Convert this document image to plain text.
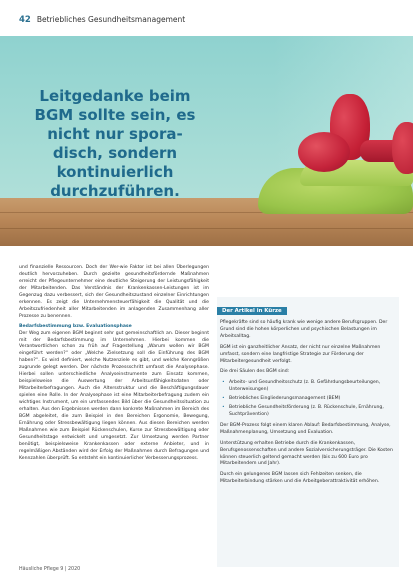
42 Betriebliches Gesundheitsmanagement
Leitgedanke beim BGM sollte sein, es nicht nur spora-disch, sondern kontinuierlich durchzuführen.

und finanzielle Ressourcen. Doch der Wer-wie Faktor ist bei allen Überlegungen deutlich hervorzuheben. Durch gezielte gesundheitsfördernde Maßnahmen erreicht der Pflegeunternehmer eine deutliche Steigerung der Leistungsfähigkeit der Mitarbeitenden. Das Verständnis der Krankenkassen-Leistungen ist im Gegenzug dazu verbessert, sich der Gesundheitszustand einzelner Einrichtungen erkennen. Es zeigt die Unternehmensteuerfähigkeit die Qualität und die Arbeitszufriedenheit aller Mitarbeitenden im anlagenden Zusammenhang aller Prozesse zu benennen.

Bedarfsbestimmung bzw. Evaluationsphase

Der Weg zum eigenen BGM beginnt sehr gut gemeinschaftlich an. Dieser beginnt mit der Bedarfsbestimmung im Unternehmen. Hierbei kommen die Verantwortlichen schon zu früh auf Fragestellung „Warum wollen wir BGM eingeführt werden?“ oder „Welche Zielsetzung soll die Einführung des BGM haben?“. Es wird definiert, welche Nutzenziele es gibt, und welche Kenngrößen zugrunde gelegt werden. Der nächste Prozessschritt umfasst die Analysephase. Hierbei sollen unterschiedliche Analyseinstrumente zum Einsatz kommen, beispielsweise die Auswertung der Arbeitsunfähigkeitsdaten oder Mitarbeiterbefragungen. Auch die Altersstruktur und die Beschäftigungsdauer spielen eine Rolle. In der Analysephase ist eine Mitarbeiterbefragung zudem ein wichtiges Instrument, um ein umfassendes Bild über die Gesundheitssituation zu erhalten. Aus den Ergebnissen werden dann konkrete Maßnahmen im Bereich des BGM abgeleitet, die zum Beispiel in den Bereichen Ergonomie, Bewegung, Ernährung oder Stressbewältigung liegen können. Aus diesen Bereichen werden Maßnahmen wie zum Beispiel Rückenschulen, Kurse zur Stressbewältigung oder Gesundheitstage entwickelt und umgesetzt. Zur Umsetzung werden Partner benötigt, beispielsweise Krankenkassen oder externe Anbieter, und in regelmäßigen Abständen wird der Erfolg der Maßnahmen durch Befragungen und Kennzahlen überprüft. So entsteht ein kontinuierlicher Verbesserungsprozess.

Der Artikel in Kürze

Pflegekräfte sind so häufig krank wie wenige andere Berufsgruppen. Der Grund sind die hohen körperlichen und psychischen Belastungen im Arbeitsalltag.

BGM ist ein ganzheitlicher Ansatz, der nicht nur einzelne Maßnahmen umfasst, sondern eine langfristige Strategie zur Förderung der Mitarbeitergesundheit verfolgt.

Die drei Säulen des BGM sind:

• Arbeits- und Gesundheitsschutz (z. B. Gefährdungsbeurteilungen, Unterweisungen)
• Betriebliches Eingliederungsmanagement (BEM)
• Betriebliche Gesundheitsförderung (z. B. Rückenschule, Ernährung, Suchtprävention)

Der BGM-Prozess folgt einem klaren Ablauf: Bedarfsbestimmung, Analyse, Maßnahmenplanung, Umsetzung und Evaluation.

Unterstützung erhalten Betriebe durch die Krankenkassen, Berufsgenossenschaften und andere Sozialversicherungsträger. Die Kosten können steuerlich geltend gemacht werden (bis zu 600 Euro pro Mitarbeitendem und Jahr).

Durch ein gelungenes BGM lassen sich Fehlzeiten senken, die Mitarbeiterbindung stärken und die Arbeitgeberattraktivität erhöhen.

Häusliche Pflege 9 | 2020
